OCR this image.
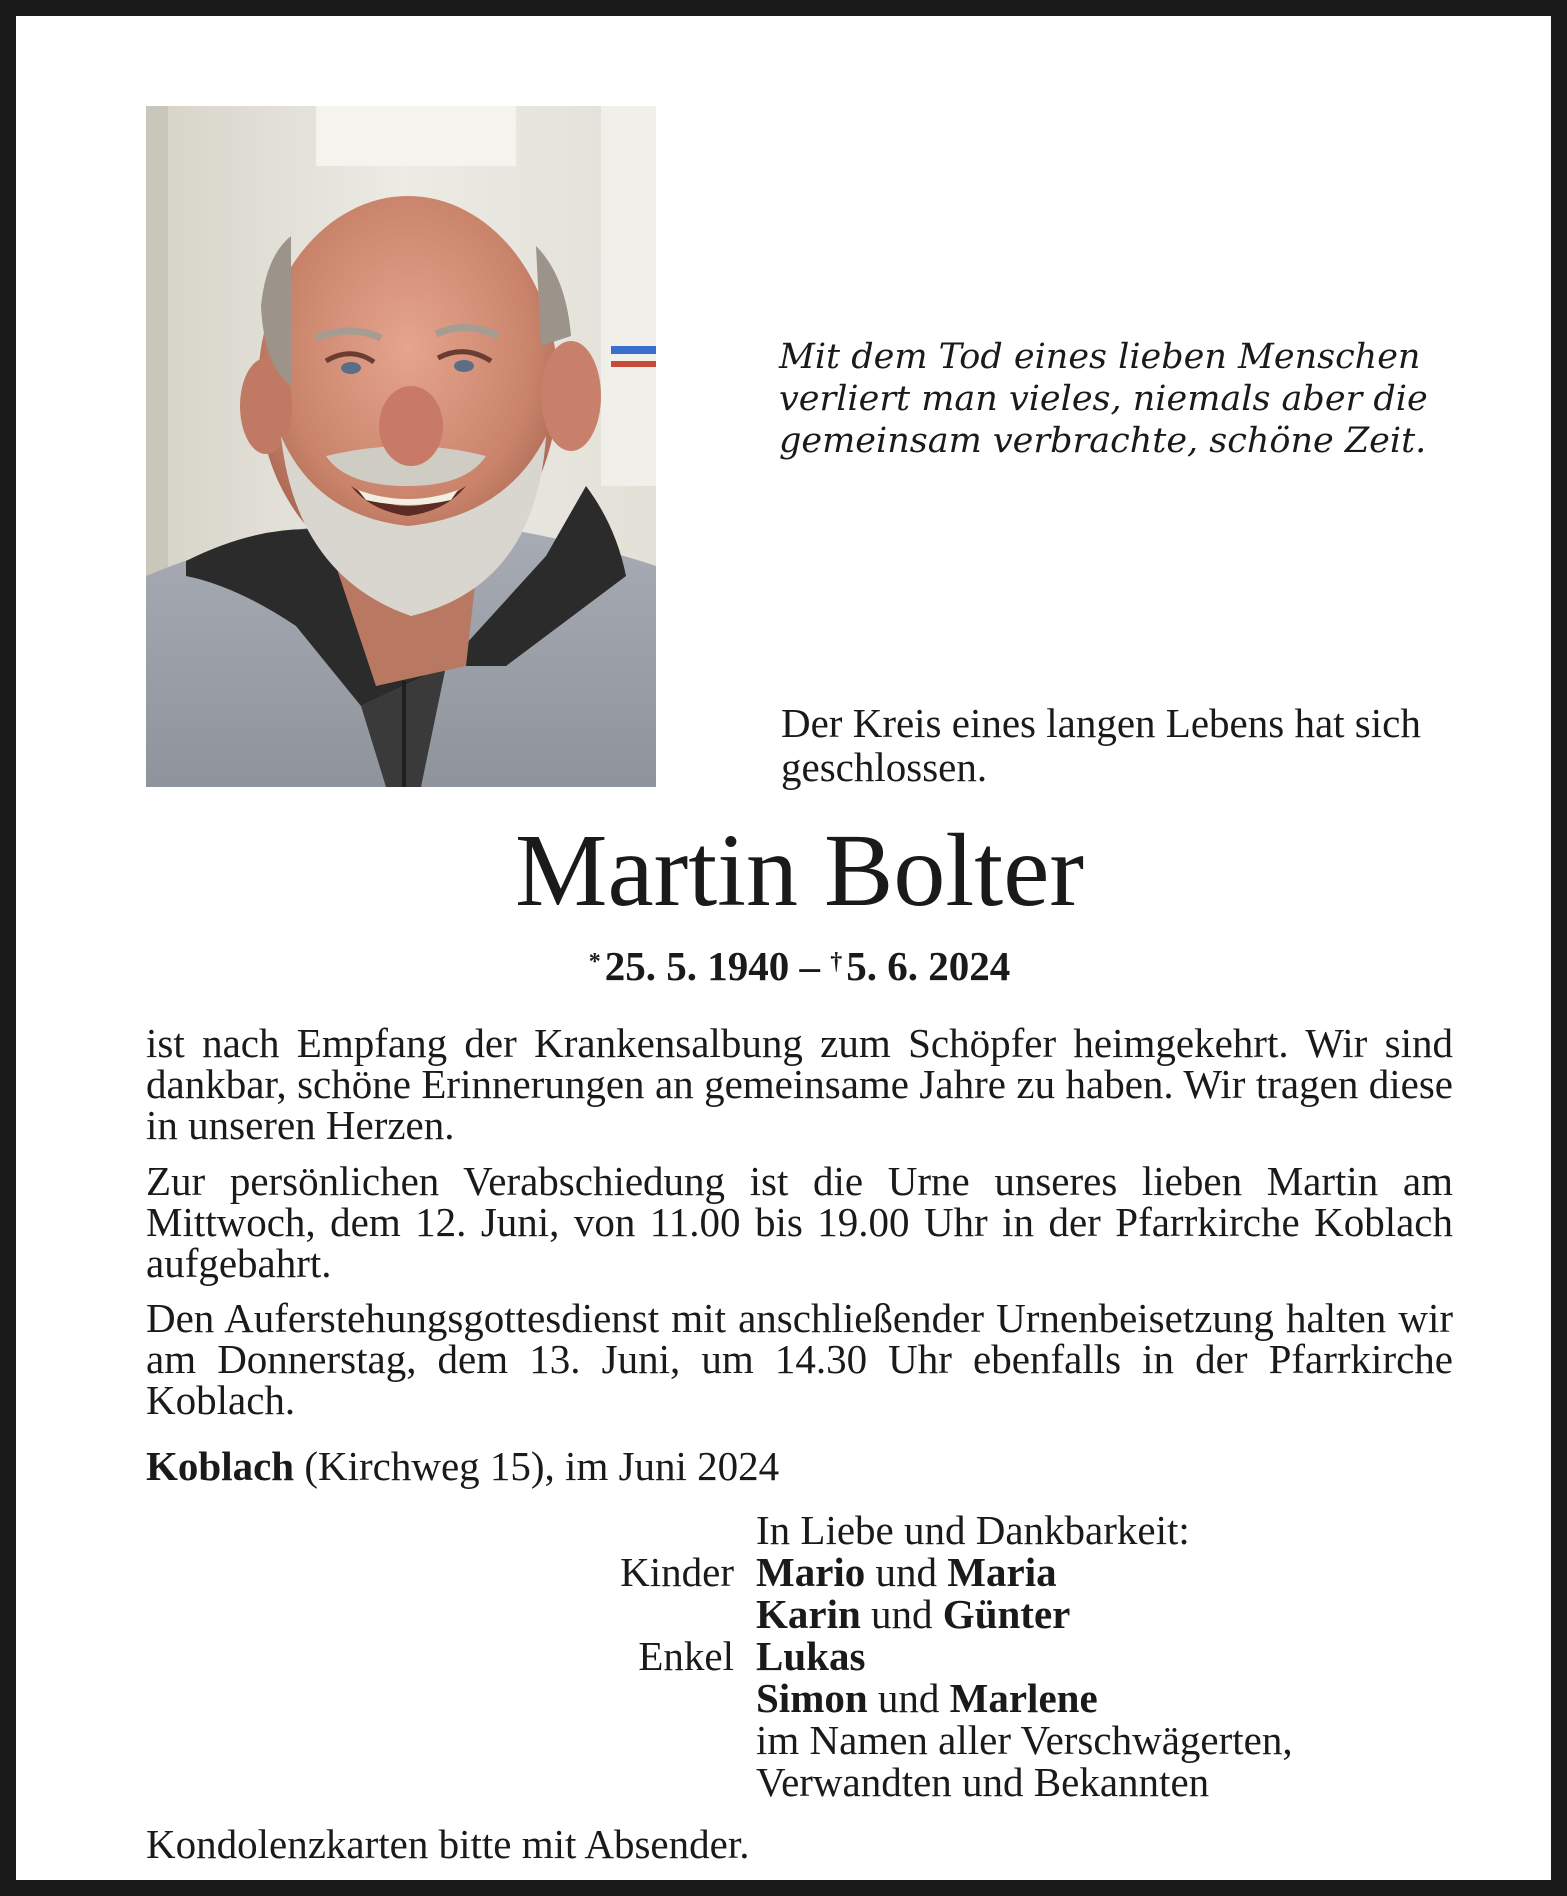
Mit dem Tod eines lieben Menschen
verliert man vieles, niemals aber die
gemeinsam verbrachte, schöne Zeit.
Der Kreis eines langen Lebens hat sich
geschlossen.
Martin Bolter
*25. 5. 1940 – †5. 6. 2024
ist nach Empfang der Krankensalbung zum Schöpfer heimgekehrt. Wir sind dankbar, schöne Erinnerungen an gemeinsame Jahre zu haben. Wir tragen diese in unseren Herzen.
Zur persönlichen Verabschiedung ist die Urne unseres lieben Martin am Mittwoch, dem 12. Juni, von 11.00 bis 19.00 Uhr in der Pfarrkirche Koblach aufgebahrt.
Den Auferstehungsgottesdienst mit anschließender Urnenbeisetzung halten wir am Donnerstag, dem 13. Juni, um 14.30 Uhr ebenfalls in der Pfarrkirche Koblach.
Koblach (Kirchweg 15), im Juni 2024
In Liebe und Dankbarkeit:
Kinder Mario und Maria
Karin und Günter
Enkel Lukas
Simon und Marlene
im Namen aller Verschwägerten,
Verwandten und Bekannten
Kondolenzkarten bitte mit Absender.
